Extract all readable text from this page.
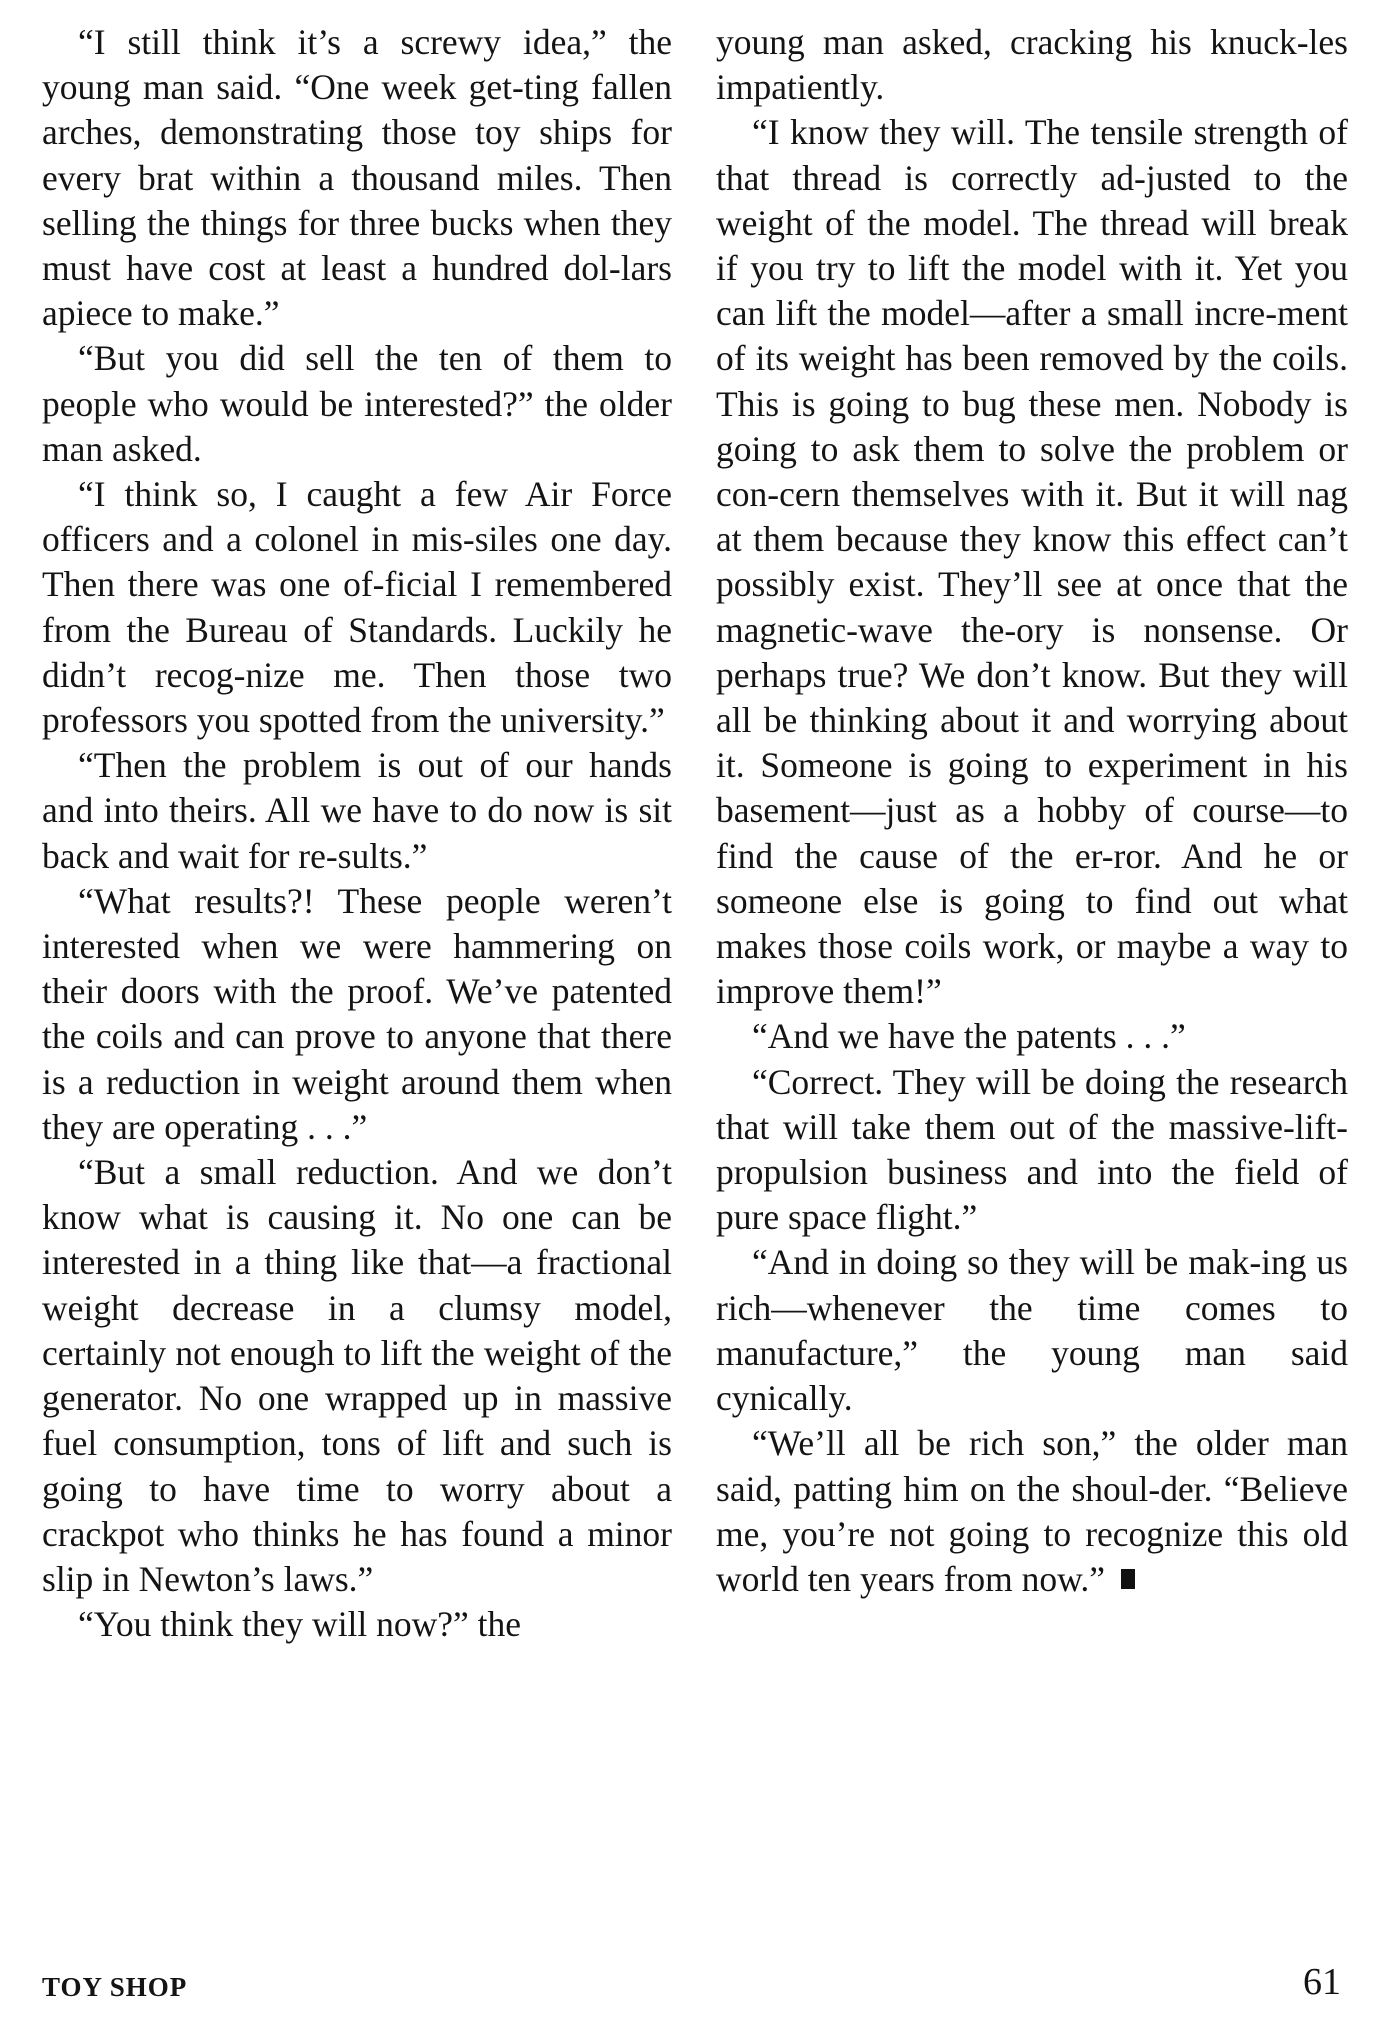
“I still think it’s a screwy idea,” the young man said. “One week get-ting fallen arches, demonstrating those toy ships for every brat within a thousand miles. Then selling the things for three bucks when they must have cost at least a hundred dol-lars apiece to make.”

“But you did sell the ten of them to people who would be interested?” the older man asked.

“I think so, I caught a few Air Force officers and a colonel in mis-siles one day. Then there was one of-ficial I remembered from the Bureau of Standards. Luckily he didn’t recog-nize me. Then those two professors you spotted from the university.”

“Then the problem is out of our hands and into theirs. All we have to do now is sit back and wait for re-sults.”

“What results?! These people weren’t interested when we were hammering on their doors with the proof. We’ve patented the coils and can prove to anyone that there is a reduction in weight around them when they are operating . . .”

“But a small reduction. And we don’t know what is causing it. No one can be interested in a thing like that—a fractional weight decrease in a clumsy model, certainly not enough to lift the weight of the generator. No one wrapped up in massive fuel consumption, tons of lift and such is going to have time to worry about a crackpot who thinks he has found a minor slip in Newton’s laws.”

“You think they will now?” the

young man asked, cracking his knuck-les impatiently.

“I know they will. The tensile strength of that thread is correctly ad-justed to the weight of the model. The thread will break if you try to lift the model with it. Yet you can lift the model—after a small incre-ment of its weight has been removed by the coils. This is going to bug these men. Nobody is going to ask them to solve the problem or con-cern themselves with it. But it will nag at them because they know this effect can’t possibly exist. They’ll see at once that the magnetic-wave the-ory is nonsense. Or perhaps true? We don’t know. But they will all be thinking about it and worrying about it. Someone is going to experiment in his basement—just as a hobby of course—to find the cause of the er-ror. And he or someone else is going to find out what makes those coils work, or maybe a way to improve them!”

“And we have the patents . . .”

“Correct. They will be doing the research that will take them out of the massive-lift-propulsion business and into the field of pure space flight.”

“And in doing so they will be mak-ing us rich—whenever the time comes to manufacture,” the young man said cynically.

“We’ll all be rich son,” the older man said, patting him on the shoul-der. “Believe me, you’re not going to recognize this old world ten years from now.”

TOY SHOP	61
